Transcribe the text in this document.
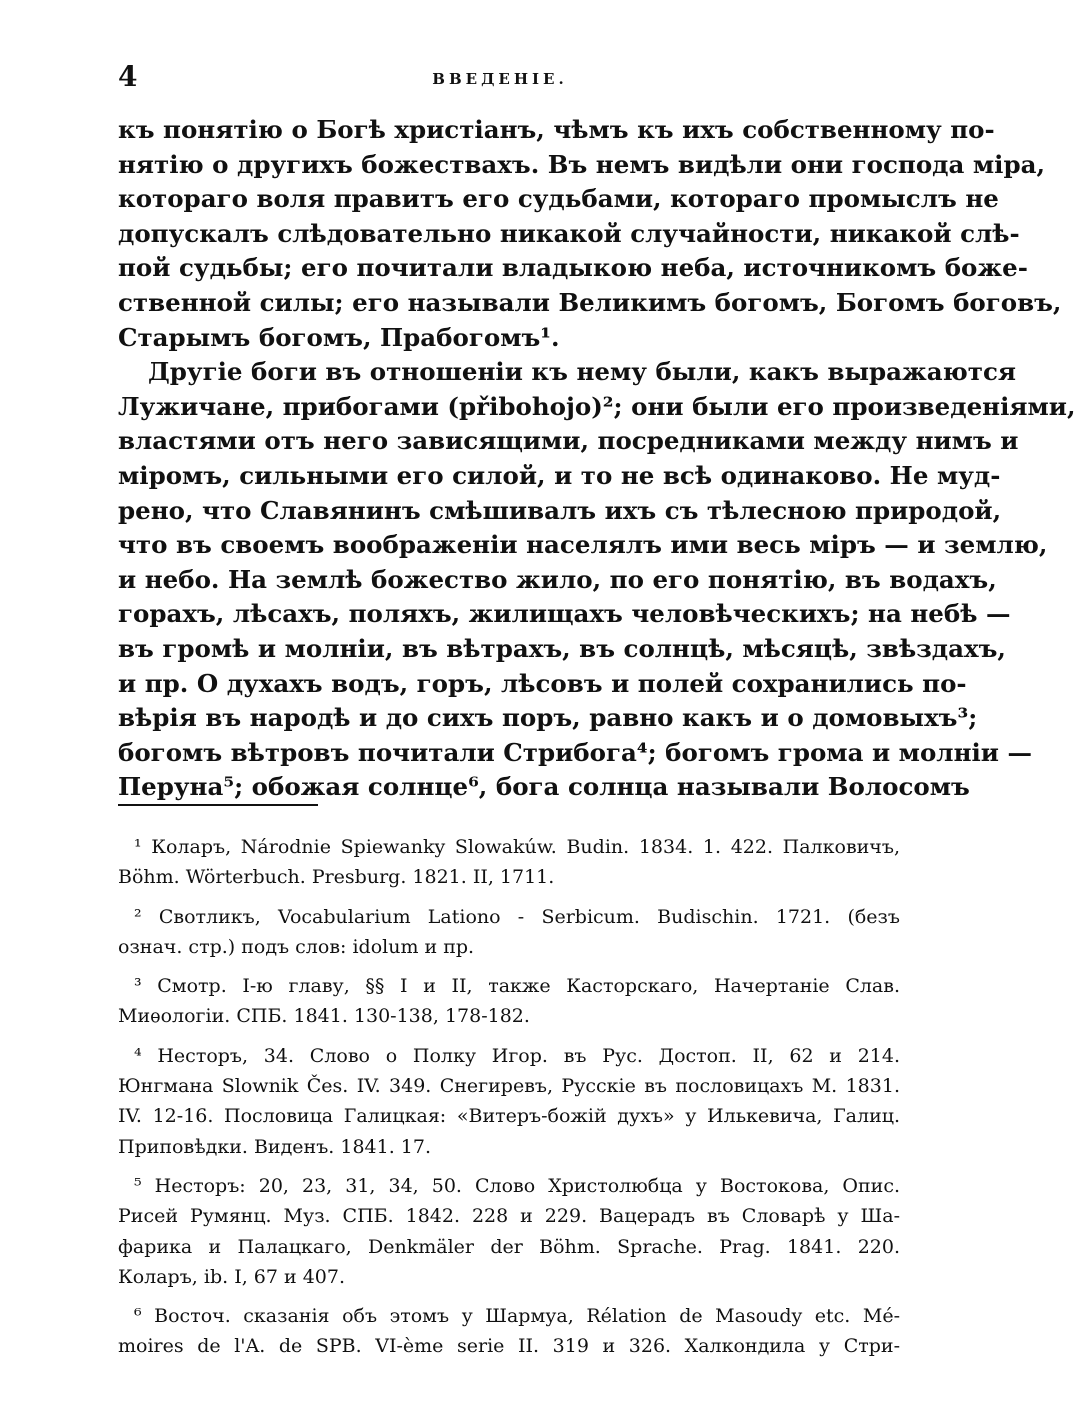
4	ВВЕДЕНІЕ.
къ понятію о Богѣ христіанъ, чѣмъ къ ихъ собственному по-
нятію о другихъ божествахъ. Въ немъ видѣли они господа міра,
котораго воля правитъ его судьбами, котораго промыслъ не
допускалъ слѣдовательно никакой случайности, никакой слѣ-
пой судьбы; его почитали владыкою неба, источникомъ боже-
ственной силы; его называли Великимъ богомъ, Богомъ боговъ,
Старымъ богомъ, Прабогомъ¹.
Другіе боги въ отношеніи къ нему были, какъ выражаются
Лужичане, прибогами (přibohojo)²; они были его произведеніями,
властями отъ него зависящими, посредниками между нимъ и
міромъ, сильными его силой, и то не всѣ одинаково. Не муд-
рено, что Славянинъ смѣшивалъ ихъ съ тѣлесною природой,
что въ своемъ воображеніи населялъ ими весь міръ — и землю,
и небо. На землѣ божество жило, по его понятію, въ водахъ,
горахъ, лѣсахъ, поляхъ, жилищахъ человѣческихъ; на небѣ —
въ громѣ и молніи, въ вѣтрахъ, въ солнцѣ, мѣсяцѣ, звѣздахъ,
и пр. О духахъ водъ, горъ, лѣсовъ и полей сохранились по-
вѣрія въ народѣ и до сихъ поръ, равно какъ и о домовыхъ³;
богомъ вѣтровъ почитали Стрибога⁴; богомъ грома и молніи —
Перуна⁵; обожая солнце⁶, бога солнца называли Волосомъ
¹ Коларъ, Národnie Spiewanky Slowakúw. Budin. 1834. 1. 422. Палковичъ,
Böhm. Wörterbuch. Presburg. 1821. II, 1711.
² Свотликъ, Vocabularium Lationo - Serbicum. Budischin. 1721. (безъ
означ. стр.) подъ слов: idolum и пр.
³ Смотр. I-ю главу, §§ I и II, также Касторскаго, Начертаніе Слав.
Миѳологіи. СПБ. 1841. 130-138, 178-182.
⁴ Несторъ, 34. Слово о Полку Игор. въ Рус. Достоп. II, 62 и 214.
Юнгмана Slownik Čes. IV. 349. Снегиревъ, Русскіе въ пословицахъ М. 1831.
IV. 12-16. Пословица Галицкая: «Витеръ-божій духъ» у Илькевича, Галиц.
Приповѣдки. Виденъ. 1841. 17.
⁵ Несторъ: 20, 23, 31, 34, 50. Слово Христолюбца у Востокова, Опис.
Рисей Румянц. Муз. СПБ. 1842. 228 и 229. Вацерадъ въ Словарѣ у Ша-
фарика и Палацкаго, Denkmäler der Böhm. Sprache. Prag. 1841. 220.
Коларъ, ib. I, 67 и 407.
⁶ Восточ. сказанія объ этомъ у Шармуа, Rélation de Masoudy etc. Mé-
moires de l'A. de SPB. VI-ème serie II. 319 и 326. Халкондила у Стри-
